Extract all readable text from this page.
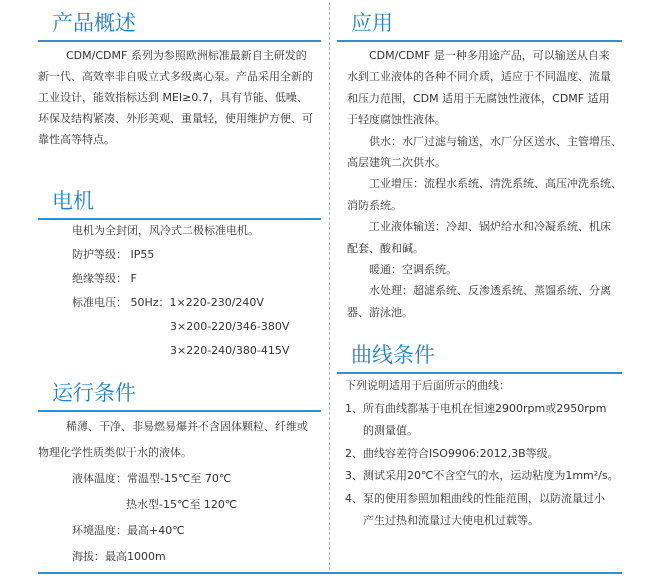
产品概述
CDM/CDMF 系列为参照欧洲标准最新自主研发的
新一代、高效率非自吸立式多级离心泵。产品采用全新的
工业设计，能效指标达到 MEI≥0.7，具有节能、低噪、
环保及结构紧凑、外形美观、重量轻，使用维护方便、可
靠性高等特点。
电机
电机为全封闭，风冷式二极标准电机。
防护等级： IP55
绝缘等级： F
标准电压： 50Hz：1×220-230/240V
3×200-220/346-380V
3×220-240/380-415V
运行条件
稀薄、干净、非易燃易爆并不含固体颗粒、纤维或
物理化学性质类似于水的液体。
液体温度：常温型-15℃至 70℃
热水型-15℃至 120℃
环境温度：最高+40℃
海拔：最高1000m
应用
CDM/CDMF 是一种多用途产品，可以输送从自来
水到工业液体的各种不同介质，适应于不同温度、流量
和压力范围，CDM 适用于无腐蚀性液体，CDMF 适用
于轻度腐蚀性液体。
供水：水厂过滤与输送，水厂分区送水、主管增压、
高层建筑二次供水。
工业增压：流程水系统、清洗系统、高压冲洗系统、
消防系统。
工业液体输送：冷却、锅炉给水和冷凝系统、机床
配套、酸和碱。
暖通：空调系统。
水处理：超滤系统、反渗透系统、蒸馏系统、分离
器、游泳池。
曲线条件
下列说明适用于后面所示的曲线：
1、所有曲线都基于电机在恒速2900rpm或2950rpm
的测量值。
2、曲线容差符合ISO9906:2012,3B等级。
3、测试采用20℃不含空气的水，运动粘度为1mm²/s。
4、泵的使用参照加粗曲线的性能范围，以防流量过小
产生过热和流量过大使电机过载等。
